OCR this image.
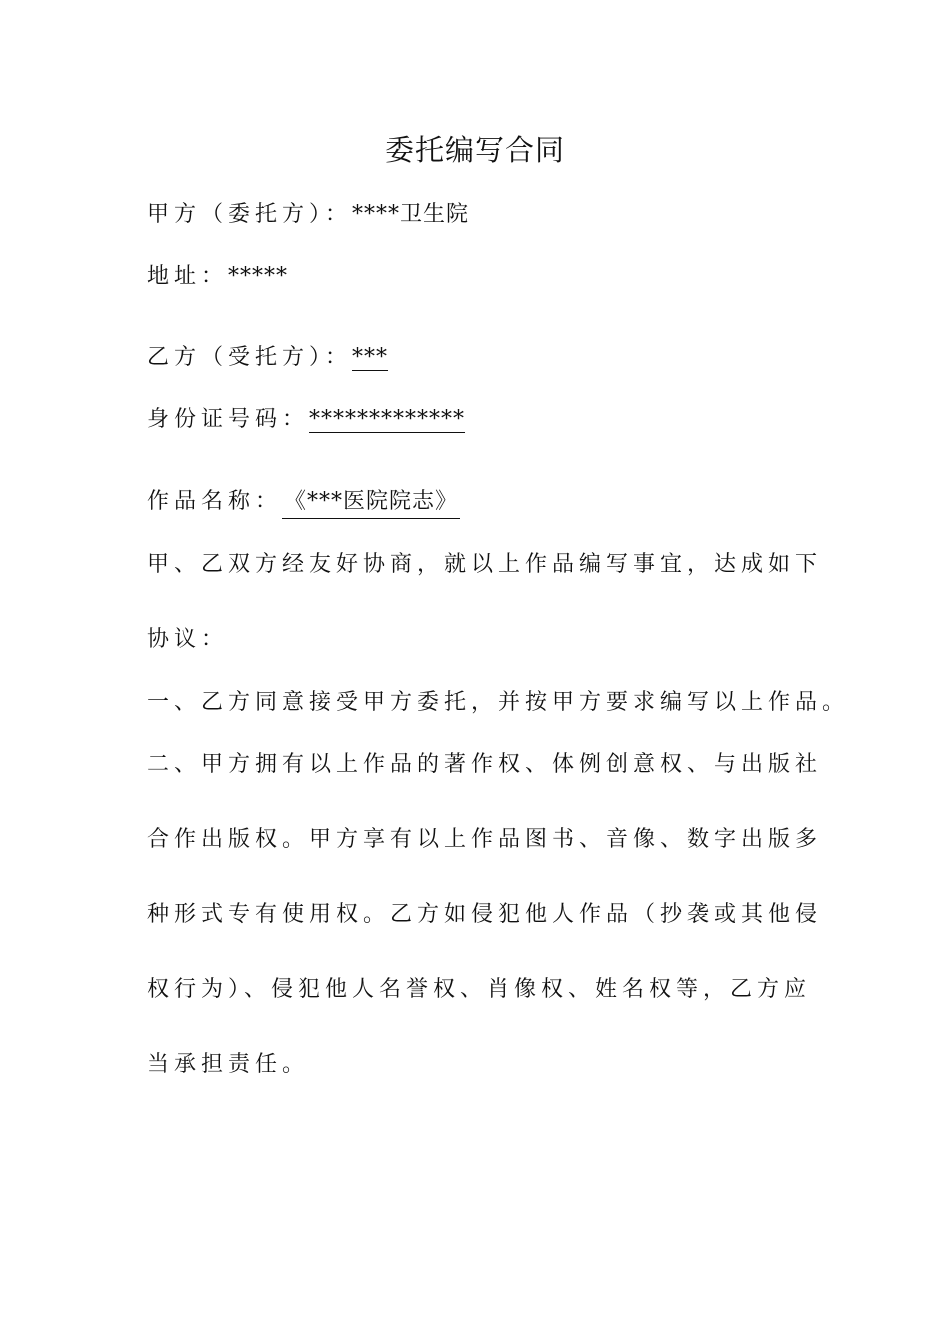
委托编写合同
甲方（委托方）：****卫生院
地址：*****
乙方（受托方）：***
身份证号码：*************
作品名称：《***医院院志》
甲、乙双方经友好协商，就以上作品编写事宜，达成如下
协议：
一、乙方同意接受甲方委托，并按甲方要求编写以上作品。
二、甲方拥有以上作品的著作权、体例创意权、与出版社
合作出版权。甲方享有以上作品图书、音像、数字出版多
种形式专有使用权。乙方如侵犯他人作品（抄袭或其他侵
权行为）、侵犯他人名誉权、肖像权、姓名权等，乙方应
当承担责任。
